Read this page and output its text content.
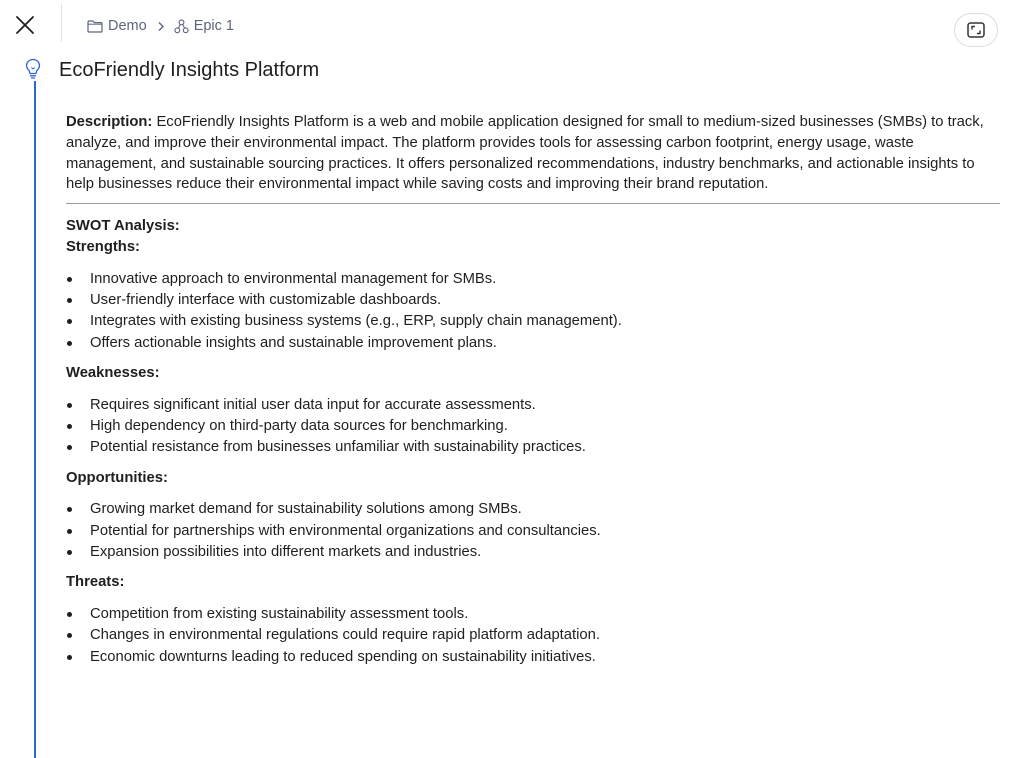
Demo	Epic 1
EcoFriendly Insights Platform

Description: EcoFriendly Insights Platform is a web and mobile application designed for small to medium-sized businesses (SMBs) to track, analyze, and improve their environmental impact. The platform provides tools for assessing carbon footprint, energy usage, waste management, and sustainable sourcing practices. It offers personalized recommendations, industry benchmarks, and actionable insights to help businesses reduce their environmental impact while saving costs and improving their brand reputation.

SWOT Analysis:

Strengths:

Innovative approach to environmental management for SMBs.
User-friendly interface with customizable dashboards.
Integrates with existing business systems (e.g., ERP, supply chain management).
Offers actionable insights and sustainable improvement plans.

Weaknesses:

Requires significant initial user data input for accurate assessments.
High dependency on third-party data sources for benchmarking.
Potential resistance from businesses unfamiliar with sustainability practices.

Opportunities:

Growing market demand for sustainability solutions among SMBs.
Potential for partnerships with environmental organizations and consultancies.
Expansion possibilities into different markets and industries.

Threats:

Competition from existing sustainability assessment tools.
Changes in environmental regulations could require rapid platform adaptation.
Economic downturns leading to reduced spending on sustainability initiatives.
